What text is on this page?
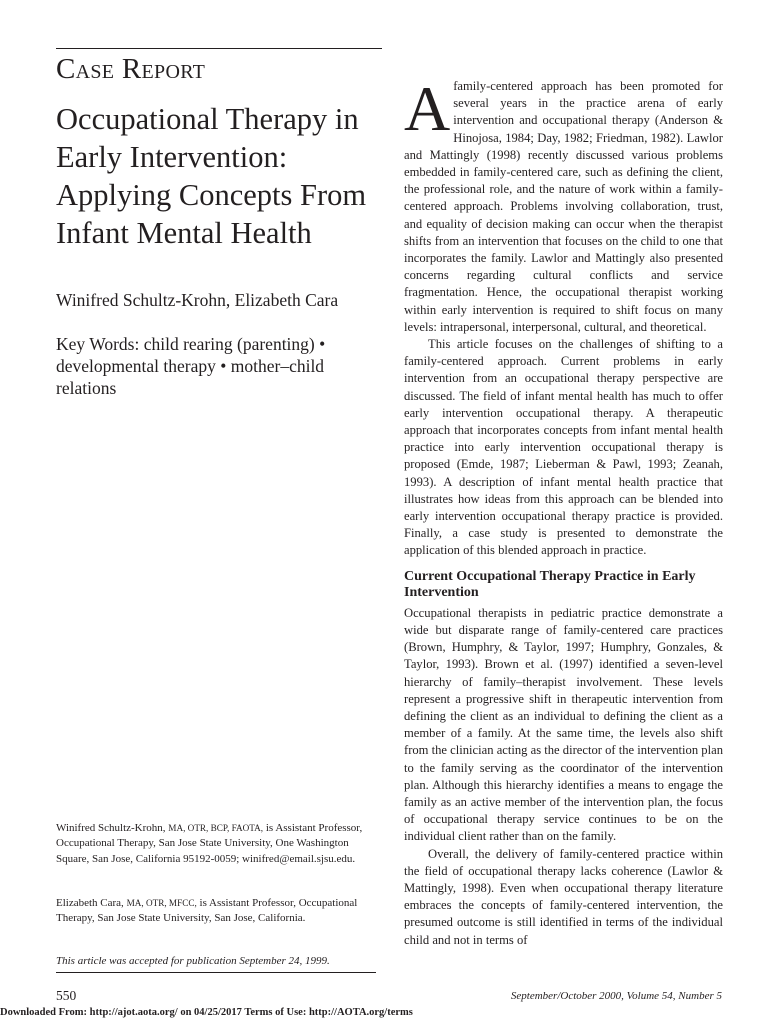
Case Report
Occupational Therapy in Early Intervention: Applying Concepts From Infant Mental Health
Winifred Schultz-Krohn, Elizabeth Cara
Key Words: child rearing (parenting) • developmental therapy • mother–child relations
Winifred Schultz-Krohn, MA, OTR, BCP, FAOTA, is Assistant Professor, Occupational Therapy, San Jose State University, One Washington Square, San Jose, California 95192-0059; winifred@email.sjsu.edu.
Elizabeth Cara, MA, OTR, MFCC, is Assistant Professor, Occupational Therapy, San Jose State University, San Jose, California.
This article was accepted for publication September 24, 1999.

Afamily-centered approach has been promoted for several years in the practice arena of early intervention and occupational therapy (Anderson & Hinojosa, 1984; Day, 1982; Friedman, 1982). Lawlor and Mattingly (1998) recently discussed various problems embedded in family-centered care, such as defining the client, the professional role, and the nature of work within a family-centered approach. Problems involving collaboration, trust, and equality of decision making can occur when the therapist shifts from an intervention that focuses on the child to one that incorporates the family. Lawlor and Mattingly also presented concerns regarding cultural conflicts and service fragmentation. Hence, the occupational therapist working within early intervention is required to shift focus on many levels: intrapersonal, interpersonal, cultural, and theoretical.

This article focuses on the challenges of shifting to a family-centered approach. Current problems in early intervention from an occupational therapy perspective are discussed. The field of infant mental health has much to offer early intervention occupational therapy. A therapeutic approach that incorporates concepts from infant mental health practice into early intervention occupational therapy is proposed (Emde, 1987; Lieberman & Pawl, 1993; Zeanah, 1993). A description of infant mental health practice that illustrates how ideas from this approach can be blended into early intervention occupational therapy practice is provided. Finally, a case study is presented to demonstrate the application of this blended approach in practice.

Current Occupational Therapy Practice in Early Intervention

Occupational therapists in pediatric practice demonstrate a wide but disparate range of family-centered care practices (Brown, Humphry, & Taylor, 1997; Humphry, Gonzales, & Taylor, 1993). Brown et al. (1997) identified a seven-level hierarchy of family–therapist involvement. These levels represent a progressive shift in therapeutic intervention from defining the client as an individual to defining the client as a member of a family. At the same time, the levels also shift from the clinician acting as the director of the intervention plan to the family serving as the coordinator of the intervention plan. Although this hierarchy identifies a means to engage the family as an active member of the intervention plan, the focus of occupational therapy service continues to be on the individual client rather than on the family.

Overall, the delivery of family-centered practice within the field of occupational therapy lacks coherence (Lawlor & Mattingly, 1998). Even when occupational therapy literature embraces the concepts of family-centered intervention, the presumed outcome is still identified in terms of the individual child and not in terms of

550	September/October 2000, Volume 54, Number 5
Downloaded From: http://ajot.aota.org/ on 04/25/2017 Terms of Use: http://AOTA.org/terms
